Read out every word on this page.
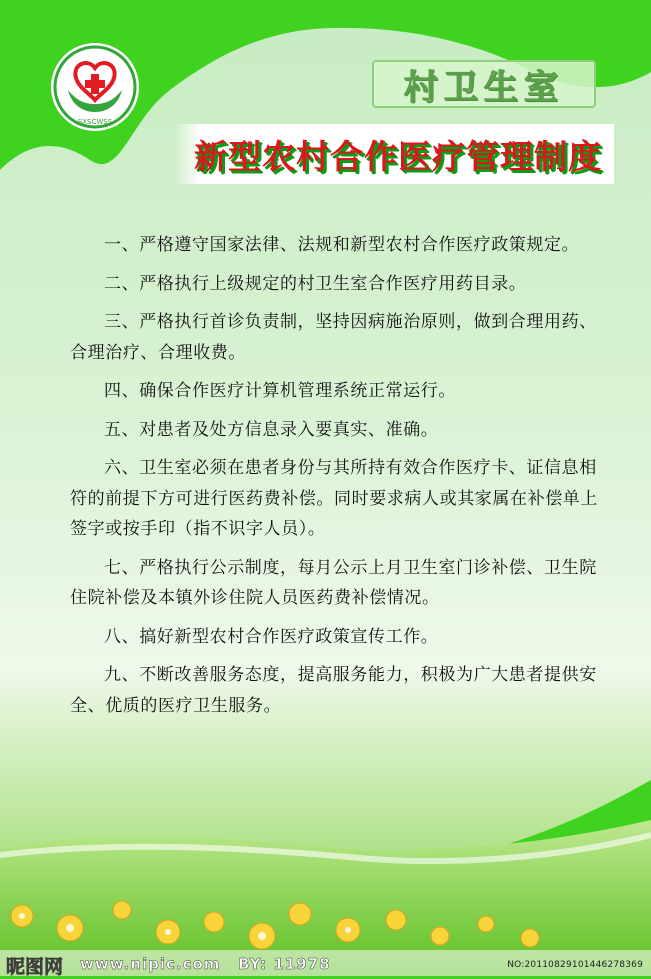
SXSCWSS
村卫生室
新型农村合作医疗管理制度

一、严格遵守国家法律、法规和新型农村合作医疗政策规定。

二、严格执行上级规定的村卫生室合作医疗用药目录。

三、严格执行首诊负责制，坚持因病施治原则，做到合理用药、合理治疗、合理收费。

四、确保合作医疗计算机管理系统正常运行。

五、对患者及处方信息录入要真实、准确。

六、卫生室必须在患者身份与其所持有效合作医疗卡、证信息相符的前提下方可进行医药费补偿。同时要求病人或其家属在补偿单上签字或按手印（指不识字人员）。

七、严格执行公示制度，每月公示上月卫生室门诊补偿、卫生院住院补偿及本镇外诊住院人员医药费补偿情况。

八、搞好新型农村合作医疗政策宣传工作。

九、不断改善服务态度，提高服务能力，积极为广大患者提供安全、优质的医疗卫生服务。

昵图网 www.nipic.com BY: 11978	NO:20110829101446278369
